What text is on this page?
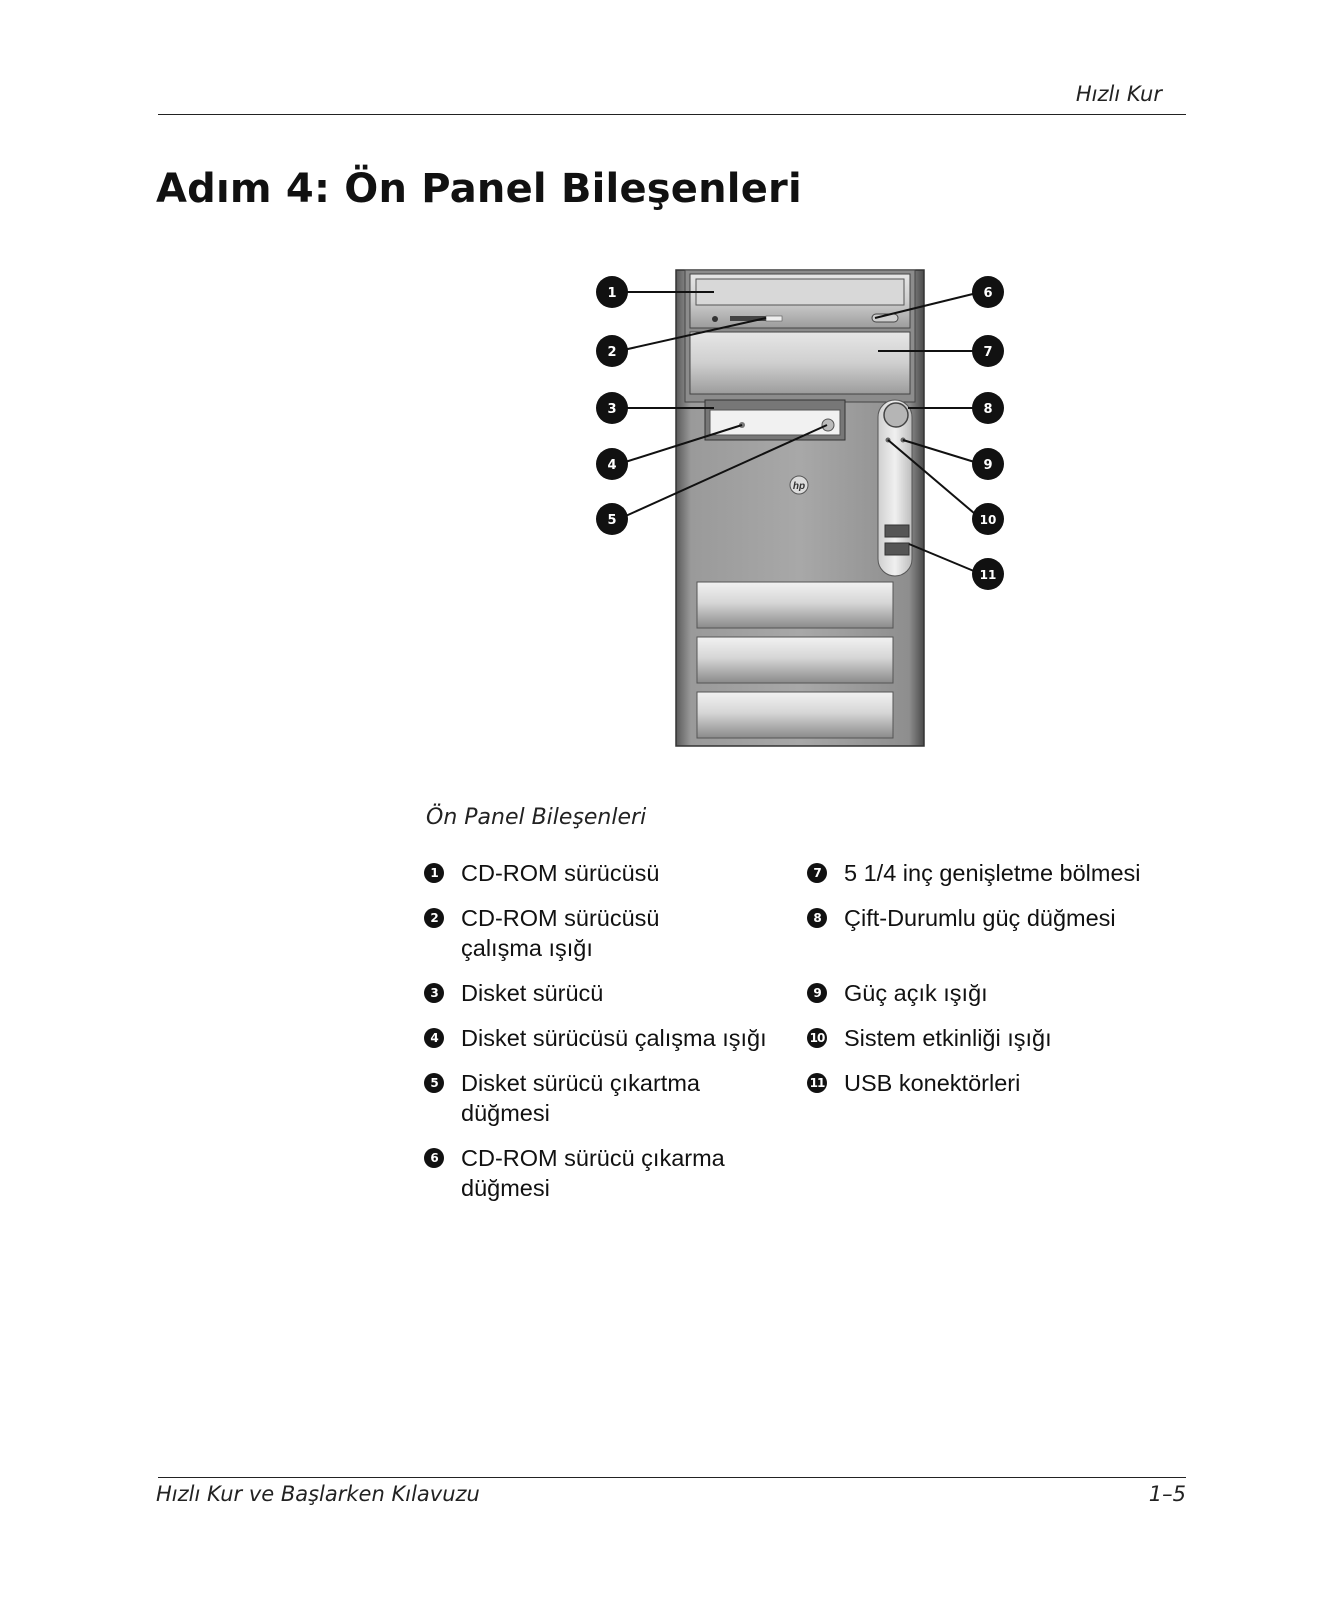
Hızlı Kur
Adım 4: Ön Panel Bileşenleri
hp
1
2
3
4
5
6
7
8
9
10
11
Ön Panel Bileşenleri
1 CD-ROM sürücüsü
2 CD-ROM sürücüsü çalışma ışığı
3 Disket sürücü
4 Disket sürücüsü çalışma ışığı
5 Disket sürücü çıkartma düğmesi
6 CD-ROM sürücü çıkarma düğmesi
7 5 1/4 inç genişletme bölmesi
8 Çift-Durumlu güç düğmesi
9 Güç açık ışığı
10 Sistem etkinliği ışığı
11 USB konektörleri
Hızlı Kur ve Başlarken Kılavuzu	1–5
